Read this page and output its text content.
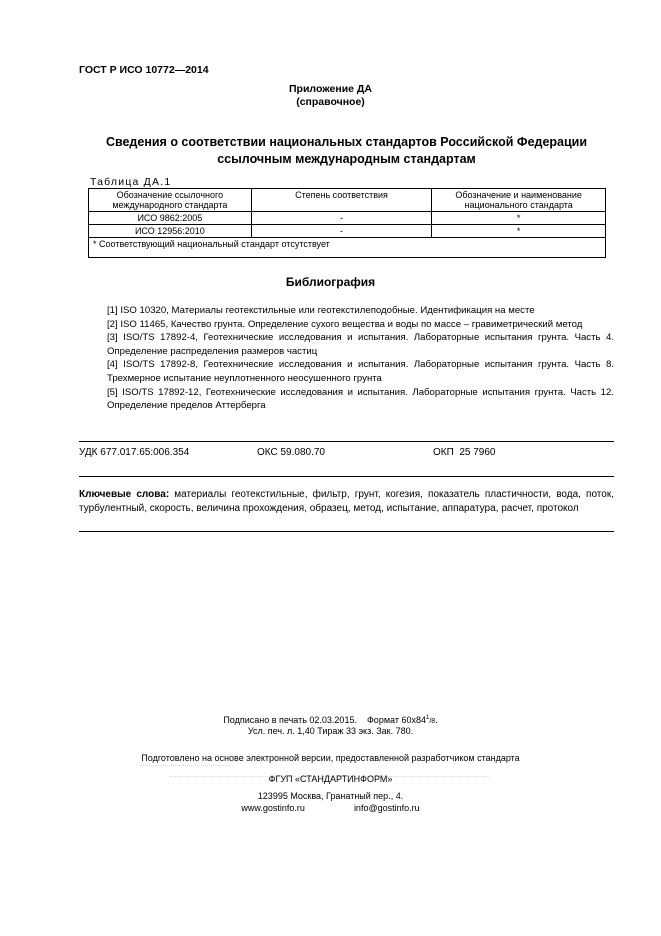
ГОСТ Р ИСО 10772—2014
Приложение ДА
(справочное)
Сведения о соответствии национальных стандартов Российской Федерации
ссылочным международным стандартам
Таблица ДА.1
Обозначение ссылочного международного стандарта	Степень соответствия	Обозначение и наименование национального стандарта
ИСО 9862:2005	-	*
ИСО 12956:2010	-	*
* Соответствующий национальный стандарт отсутствует		
Библиография

[1] ISO 10320, Материалы геотекстильные или геотекстилеподобные. Идентификация на месте

[2] ISO 11465, Качество грунта. Определение сухого вещества и воды по массе – гравиметрический метод

[3] ISO/TS 17892-4, Геотехнические исследования и испытания. Лабораторные испытания грунта. Часть 4. Определение распределения размеров частиц

[4] ISO/TS 17892-8, Геотехнические исследования и испытания. Лабораторные испытания грунта. Часть 8. Трехмерное испытание неуплотненного неосушенного грунта

[5] ISO/TS 17892-12, Геотехнические исследования и испытания. Лабораторные испытания грунта. Часть 12. Определение пределов Аттерберга

УДК 677.017.65:006.354	ОКС 59.080.70	ОКП  25 7960

Ключевые слова: материалы геотекстильные, фильтр, грунт, когезия, показатель пластичности, вода, поток, турбулентный, скорость, величина прохождения, образец, метод, испытание, аппаратура, расчет, протокол

Подписано в печать 02.03.2015. Формат $60х84^1/8$.
Усл. печ. л. 1,40 Тираж 33 экз. Зак. 780.
Подготовлено на основе электронной версии, предоставленной разработчиком стандарта
ФГУП «СТАНДАРТИНФОРМ»
123995 Москва, Гранатный пер., 4.
www.gostinfo.ru	info@gostinfo.ru
